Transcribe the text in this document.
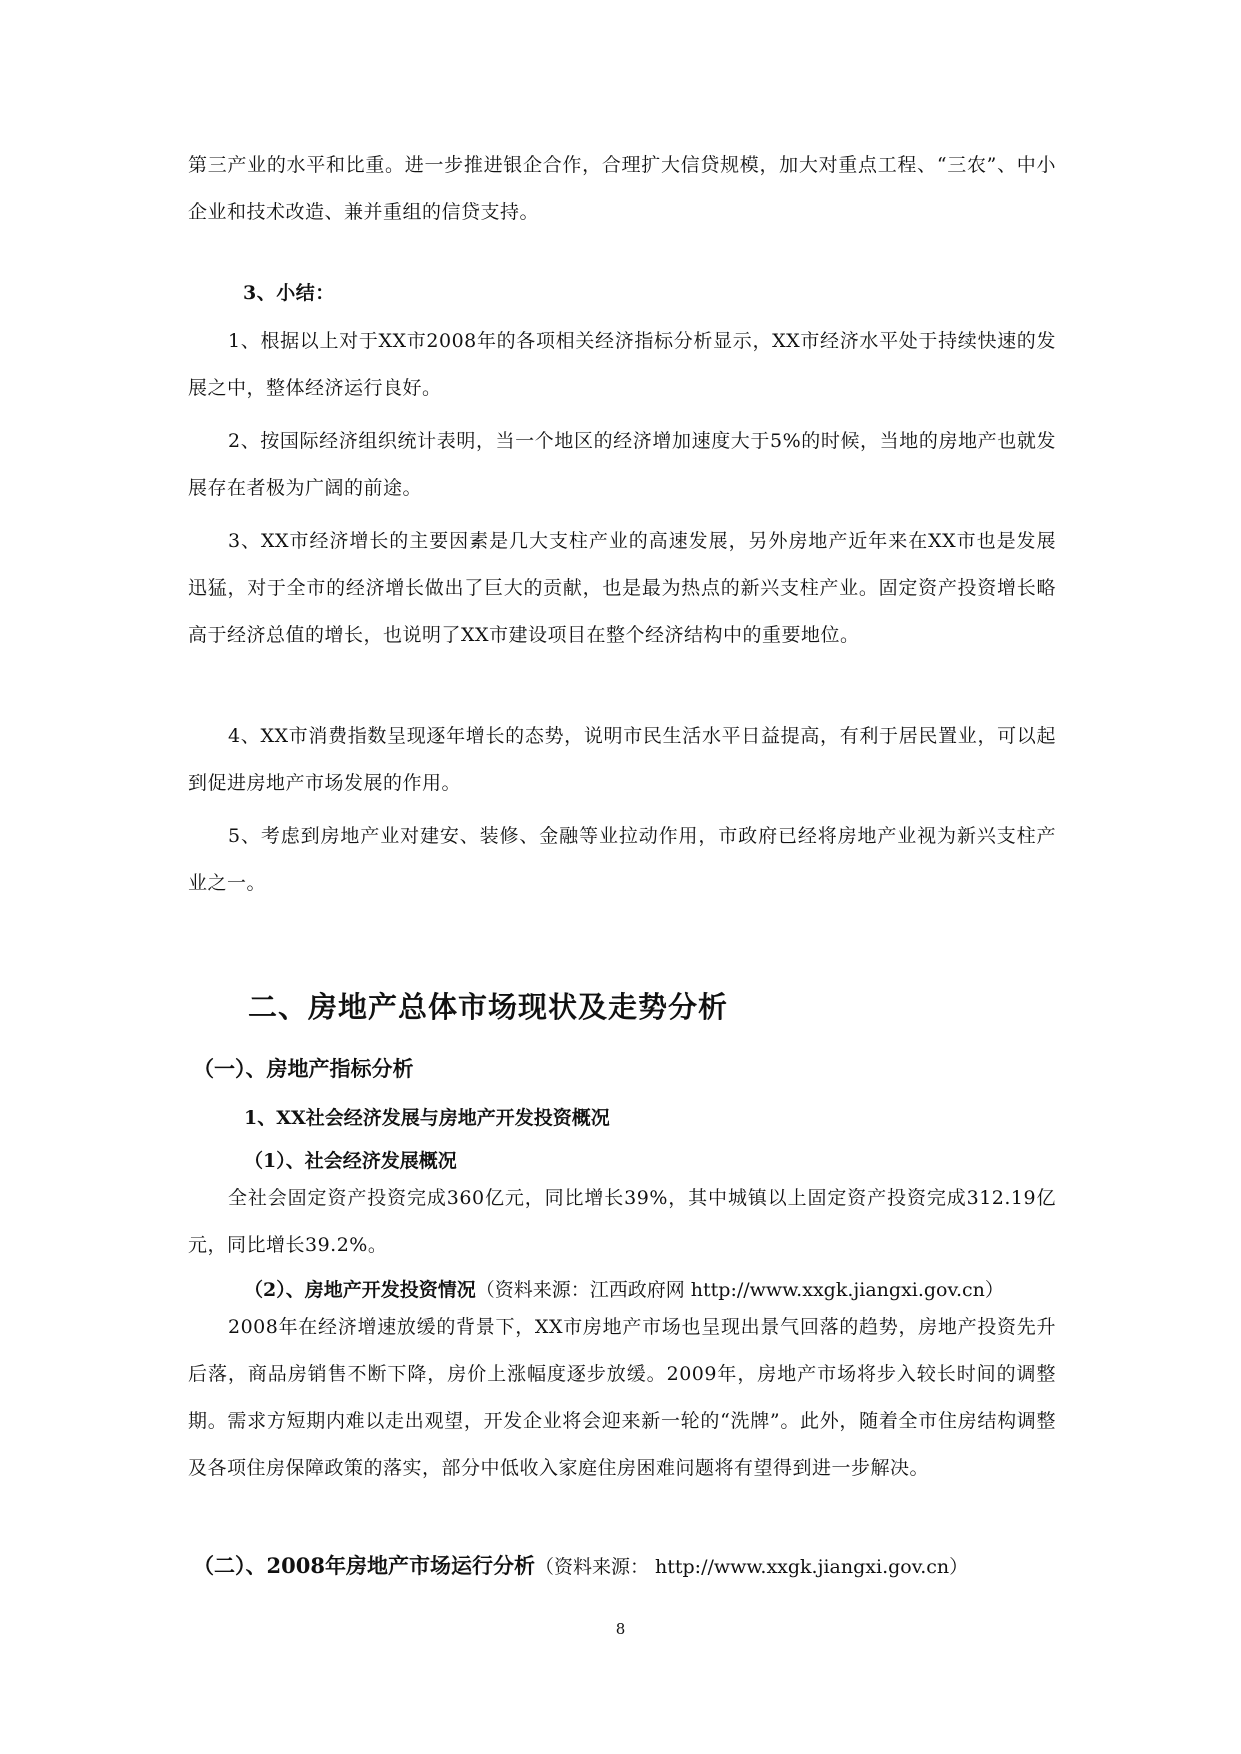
第三产业的水平和比重。进一步推进银企合作，合理扩大信贷规模，加大对重点工程、“三农”、中小企业和技术改造、兼并重组的信贷支持。

3、小结：

1、根据以上对于XX市2008年的各项相关经济指标分析显示，XX市经济水平处于持续快速的发展之中，整体经济运行良好。

2、按国际经济组织统计表明，当一个地区的经济增加速度大于5%的时候，当地的房地产也就发展存在者极为广阔的前途。

3、XX市经济增长的主要因素是几大支柱产业的高速发展，另外房地产近年来在XX市也是发展迅猛，对于全市的经济增长做出了巨大的贡献，也是最为热点的新兴支柱产业。固定资产投资增长略高于经济总值的增长，也说明了XX市建设项目在整个经济结构中的重要地位。

4、XX市消费指数呈现逐年增长的态势，说明市民生活水平日益提高，有利于居民置业，可以起到促进房地产市场发展的作用。

5、考虑到房地产业对建安、装修、金融等业拉动作用，市政府已经将房地产业视为新兴支柱产业之一。

二、房地产总体市场现状及走势分析
（一）、房地产指标分析
1、XX社会经济发展与房地产开发投资概况
（1）、社会经济发展概况

全社会固定资产投资完成360亿元，同比增长39%，其中城镇以上固定资产投资完成312.19亿元，同比增长39.2%。

（2）、房地产开发投资情况（资料来源：江西政府网 http://www.xxgk.jiangxi.gov.cn）

2008年在经济增速放缓的背景下，XX市房地产市场也呈现出景气回落的趋势，房地产投资先升后落，商品房销售不断下降，房价上涨幅度逐步放缓。2009年，房地产市场将步入较长时间的调整期。需求方短期内难以走出观望，开发企业将会迎来新一轮的“洗牌”。此外，随着全市住房结构调整及各项住房保障政策的落实，部分中低收入家庭住房困难问题将有望得到进一步解决。

（二）、2008年房地产市场运行分析（资料来源： http://www.xxgk.jiangxi.gov.cn）

8
